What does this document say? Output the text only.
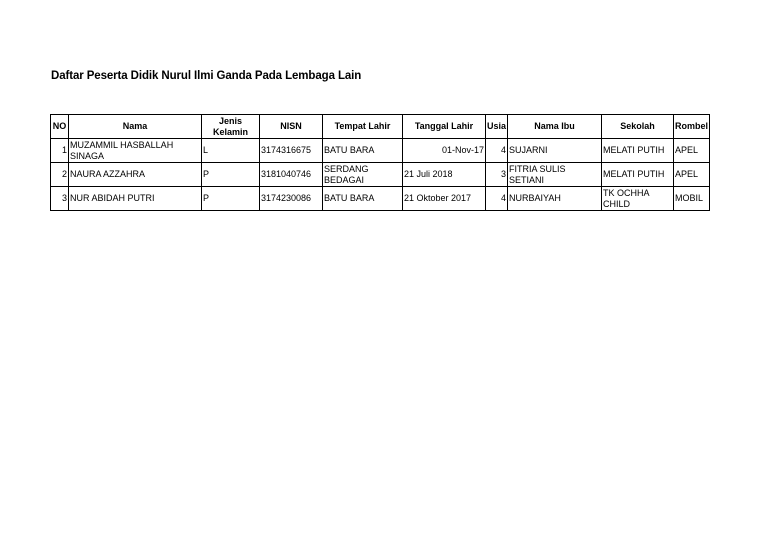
Daftar Peserta Didik Nurul Ilmi Ganda Pada Lembaga Lain
NO	Nama	Jenis Kelamin	NISN	Tempat Lahir	Tanggal Lahir	Usia	Nama Ibu	Sekolah	Rombel
1	MUZAMMIL HASBALLAH SINAGA	L	3174316675	BATU BARA	01-Nov-17	4	SUJARNI	MELATI PUTIH	APEL
2	NAURA AZZAHRA	P	3181040746	SERDANG BEDAGAI	21 Juli 2018	3	FITRIA SULIS SETIANI	MELATI PUTIH	APEL
3	NUR ABIDAH PUTRI	P	3174230086	BATU BARA	21 Oktober 2017	4	NURBAIYAH	TK OCHHA CHILD	MOBIL
